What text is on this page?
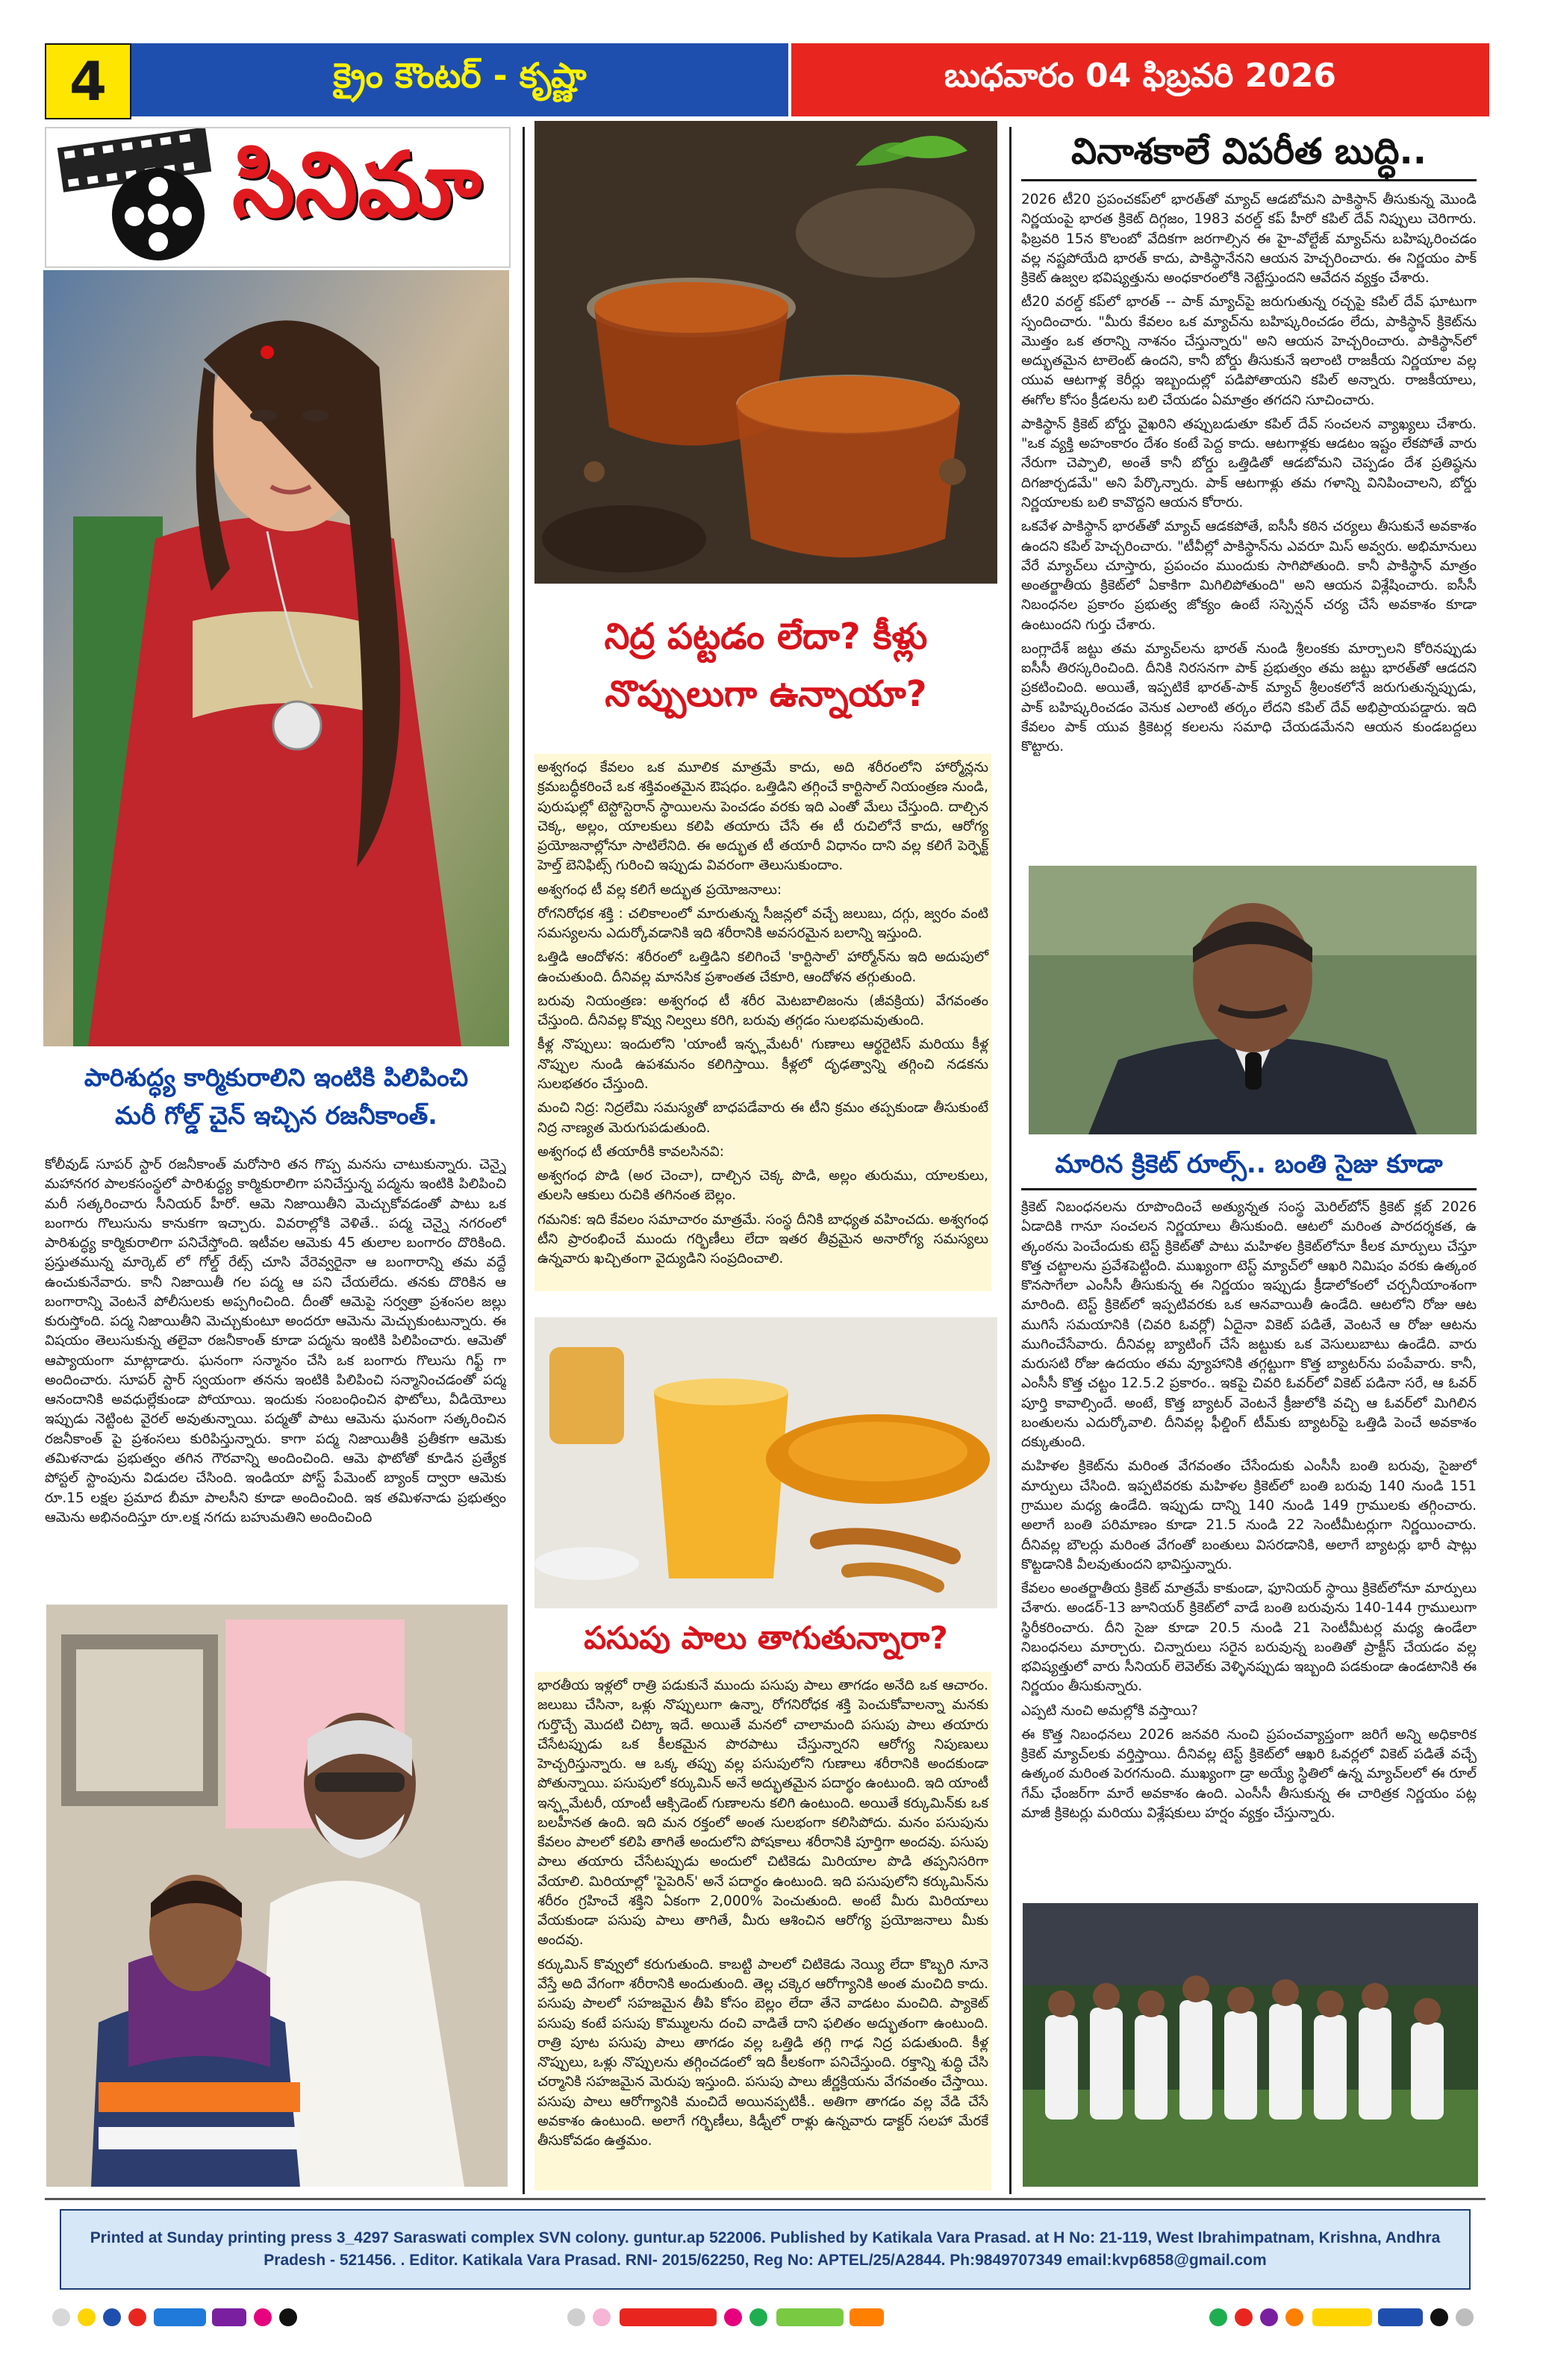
4	క్రైం కౌంటర్ - కృష్ణా	బుధవారం 04 ఫిబ్రవరి 2026
సినిమా
పారిశుద్ధ్య కార్మికురాలిని ఇంటికి పిలిపించి
మరీ గోల్డ్ చైన్ ఇచ్చిన రజనీకాంత్.

కోలీవుడ్ సూపర్ స్టార్ రజనీకాంత్ మరోసారి తన గొప్ప మనసు చాటుకున్నారు. చెన్నై మహానగర పాలకసంస్థలో పారిశుద్ధ్య కార్మికురాలిగా పనిచేస్తున్న పద్మను ఇంటికి పిలిపించి మరీ సత్కరించారు సీనియర్ హీరో. ఆమె నిజాయితీని మెచ్చుకోవడంతో పాటు ఒక బంగారు గొలుసును కానుకగా ఇచ్చారు. వివరాల్లోకి వెళితే.. పద్మ చెన్నై నగరంలో పారిశుద్ధ్య కార్మికురాలిగా పనిచేస్తోంది. ఇటీవల ఆమెకు 45 తులాల బంగారం దొరికింది. ప్రస్తుతమున్న మార్కెట్ లో గోల్డ్ రేట్స్ చూసి వేరెవ్వరైనా ఆ బంగారాన్ని తమ వద్దే ఉంచుకునేవారు. కానీ నిజాయితీ గల పద్మ ఆ పని చేయలేదు. తనకు దొరికిన ఆ బంగారాన్ని వెంటనే పోలీసులకు అప్పగించింది. దీంతో ఆమెపై సర్వత్రా ప్రశంసల జల్లు కురుస్తోంది. పద్మ నిజాయితీని మెచ్చుకుంటూ అందరూ ఆమెను మెచ్చుకుంటున్నారు. ఈ విషయం తెలుసుకున్న తలైవా రజనీకాంత్ కూడా పద్మను ఇంటికి పిలిపించారు. ఆమెతో ఆప్యాయంగా మాట్లాడారు. ఘనంగా సన్మానం చేసి ఒక బంగారు గొలుసు గిఫ్ట్ గా అందించారు. సూపర్ స్టార్ స్వయంగా తనను ఇంటికి పిలిపించి సన్మానించడంతో పద్మ ఆనందానికి అవధుల్లేకుండా పోయాయి. ఇందుకు సంబంధించిన ఫొటోలు, వీడియోలు ఇప్పుడు నెట్టింట వైరల్‌ అవుతున్నాయి. పద్మతో పాటు ఆమెను ఘనంగా సత్కరించిన రజనీకాంత్ పై ప్రశంసలు కురిపిస్తున్నారు. కాగా పద్మ నిజాయితీకి ప్రతీకగా ఆమెకు తమిళనాడు ప్రభుత్వం తగిన గౌరవాన్ని అందించింది. ఆమె ఫొటోతో కూడిన ప్రత్యేక పోస్టల్ స్టాంపును విడుదల చేసింది. ఇండియా పోస్ట్ పేమెంట్ బ్యాంక్ ద్వారా ఆమెకు రూ.15 లక్షల ప్రమాద బీమా పాలసీని కూడా అందించింది. ఇక తమిళనాడు ప్రభుత్వం ఆమెను అభినందిస్తూ రూ.లక్ష నగదు బహుమతిని అందించింది

నిద్ర పట్టడం లేదా? కీళ్లు
నొప్పులుగా ఉన్నాయా?

అశ్వగంధ కేవలం ఒక మూలిక మాత్రమే కాదు, అది శరీరంలోని హార్మోన్లను క్రమబద్ధీకరించే ఒక శక్తివంతమైన ఔషధం. ఒత్తిడిని తగ్గించే కార్టిసాల్ నియంత్రణ నుండి, పురుషుల్లో టెస్టోస్టెరాన్ స్థాయిలను పెంచడం వరకు ఇది ఎంతో మేలు చేస్తుంది. దాల్చిన చెక్క, అల్లం, యాలకులు కలిపి తయారు చేసే ఈ టీ రుచిలోనే కాదు, ఆరోగ్య ప్రయోజనాల్లోనూ సాటిలేనిది. ఈ అద్భుత టీ తయారీ విధానం దాని వల్ల కలిగే పెర్ఫెక్ట్ హెల్త్ బెనిఫిట్స్ గురించి ఇప్పుడు వివరంగా తెలుసుకుందాం.

అశ్వగంధ టీ వల్ల కలిగే అద్భుత ప్రయోజనాలు:

రోగనిరోధక శక్తి : చలికాలంలో మారుతున్న సీజన్లలో వచ్చే జలుబు, దగ్గు, జ్వరం వంటి సమస్యలను ఎదుర్కోవడానికి ఇది శరీరానికి అవసరమైన బలాన్ని ఇస్తుంది.

ఒత్తిడి ఆందోళన: శరీరంలో ఒత్తిడిని కలిగించే 'కార్టిసాల్' హార్మోన్‌ను ఇది అదుపులో ఉంచుతుంది. దీనివల్ల మానసిక ప్రశాంతత చేకూరి, ఆందోళన తగ్గుతుంది.

బరువు నియంత్రణ: అశ్వగంధ టీ శరీర మెటబాలిజంను (జీవక్రియ) వేగవంతం చేస్తుంది. దీనివల్ల కొవ్వు నిల్వలు కరిగి, బరువు తగ్గడం సులభమవుతుంది.

కీళ్ల నొప్పులు: ఇందులోని 'యాంటీ ఇన్ఫ్లమేటరీ' గుణాలు ఆర్థరైటిస్ మరియు కీళ్ల నొప్పుల నుండి ఉపశమనం కలిగిస్తాయి. కీళ్లలో దృఢత్వాన్ని తగ్గించి నడకను సులభతరం చేస్తుంది.

మంచి నిద్ర: నిద్రలేమి సమస్యతో బాధపడేవారు ఈ టీని క్రమం తప్పకుండా తీసుకుంటే నిద్ర నాణ్యత మెరుగుపడుతుంది.

అశ్వగంధ టీ తయారీకి కావలసినవి:

అశ్వగంధ పొడి (అర చెంచా), దాల్చిన చెక్క పొడి, అల్లం తురుము, యాలకులు, తులసి ఆకులు రుచికి తగినంత బెల్లం.

గమనిక: ఇది కేవలం సమాచారం మాత్రమే. సంస్థ దీనికి బాధ్యత వహించదు. అశ్వగంధ టీని ప్రారంభించే ముందు గర్భిణీలు లేదా ఇతర తీవ్రమైన అనారోగ్య సమస్యలు ఉన్నవారు ఖచ్చితంగా వైద్యుడిని సంప్రదించాలి.

పసుపు పాలు తాగుతున్నారా?

భారతీయ ఇళ్లలో రాత్రి పడుకునే ముందు పసుపు పాలు తాగడం అనేది ఒక ఆచారం. జలుబు చేసినా, ఒళ్లు నొప్పులుగా ఉన్నా, రోగనిరోధక శక్తి పెంచుకోవాలన్నా మనకు గుర్తొచ్చే మొదటి చిట్కా ఇదే. అయితే మనలో చాలామంది పసుపు పాలు తయారు చేసేటప్పుడు ఒక కీలకమైన పొరపాటు చేస్తున్నారని ఆరోగ్య నిపుణులు హెచ్చరిస్తున్నారు. ఆ ఒక్క తప్పు వల్ల పసుపులోని గుణాలు శరీరానికి అందకుండా పోతున్నాయి. పసుపులో కర్కుమిన్ అనే అద్భుతమైన పదార్థం ఉంటుంది. ఇది యాంటీ ఇన్ఫ్లమేటరీ, యాంటీ ఆక్సిడెంట్ గుణాలను కలిగి ఉంటుంది. అయితే కర్కుమిన్‌కు ఒక బలహీనత ఉంది. ఇది మన రక్తంలో అంత సులభంగా కలిసిపోదు. మనం పసుపును కేవలం పాలలో కలిపి తాగితే అందులోని పోషకాలు శరీరానికి పూర్తిగా అందవు. పసుపు పాలు తయారు చేసేటప్పుడు అందులో చిటికెడు మిరియాల పొడి తప్పనిసరిగా వేయాలి. మిరియాల్లో 'పైపెరిన్' అనే పదార్థం ఉంటుంది. ఇది పసుపులోని కర్కుమిన్‌ను శరీరం గ్రహించే శక్తిని ఏకంగా 2,000% పెంచుతుంది. అంటే మీరు మిరియాలు వేయకుండా పసుపు పాలు తాగితే, మీరు ఆశించిన ఆరోగ్య ప్రయోజనాలు మీకు అందవు.

కర్కుమిన్ కొవ్వులో కరుగుతుంది. కాబట్టి పాలలో చిటికెడు నెయ్యి లేదా కొబ్బరి నూనె వేస్తే అది వేగంగా శరీరానికి అందుతుంది. తెల్ల చక్కెర ఆరోగ్యానికి అంత మంచిది కాదు. పసుపు పాలలో సహజమైన తీపి కోసం బెల్లం లేదా తేనె వాడటం మంచిది. ప్యాకెట్ పసుపు కంటే పసుపు కొమ్ములను దంచి వాడితే దాని ఫలితం అద్భుతంగా ఉంటుంది. రాత్రి పూట పసుపు పాలు తాగడం వల్ల ఒత్తిడి తగ్గి గాఢ నిద్ర పడుతుంది. కీళ్ల నొప్పులు, ఒళ్లు నొప్పులను తగ్గించడంలో ఇది కీలకంగా పనిచేస్తుంది. రక్తాన్ని శుద్ధి చేసి చర్మానికి సహజమైన మెరుపు ఇస్తుంది. పసుపు పాలు జీర్ణక్రియను వేగవంతం చేస్తాయి. పసుపు పాలు ఆరోగ్యానికి మంచిదే అయినప్పటికీ.. అతిగా తాగడం వల్ల వేడి చేసే అవకాశం ఉంటుంది. అలాగే గర్భిణీలు, కిడ్నీలో రాళ్లు ఉన్నవారు డాక్టర్ సలహా మేరకే తీసుకోవడం ఉత్తమం.

వినాశకాలే విపరీత బుద్ధి..

2026 టీ20 ప్రపంచకప్‌లో భారత్‌తో మ్యాచ్ ఆడబోమని పాకిస్థాన్ తీసుకున్న మొండి నిర్ణయంపై భారత క్రికెట్ దిగ్గజం, 1983 వరల్డ్ కప్ హీరో కపిల్ దేవ్ నిప్పులు చెరిగారు. ఫిబ్రవరి 15న కొలంబో వేదికగా జరగాల్సిన ఈ హై-వోల్టేజ్ మ్యాచ్‌ను బహిష్కరించడం వల్ల నష్టపోయేది భారత్ కాదు, పాకిస్థానేనని ఆయన హెచ్చరించారు. ఈ నిర్ణయం పాక్ క్రికెట్ ఉజ్వల భవిష్యత్తును అంధకారంలోకి నెట్టేస్తుందని ఆవేదన వ్యక్తం చేశారు.

టీ20 వరల్డ్ కప్‌లో భారత్ -- పాక్ మ్యాచ్‌పై జరుగుతున్న రచ్చపై కపిల్ దేవ్ ఘాటుగా స్పందించారు. "మీరు కేవలం ఒక మ్యాచ్‌ను బహిష్కరించడం లేదు, పాకిస్థాన్ క్రికెట్‌ను మొత్తం ఒక తరాన్ని నాశనం చేస్తున్నారు" అని ఆయన హెచ్చరించారు. పాకిస్థాన్‌లో అద్భుతమైన టాలెంట్ ఉందని, కానీ బోర్డు తీసుకునే ఇలాంటి రాజకీయ నిర్ణయాల వల్ల యువ ఆటగాళ్ల కెరీర్లు ఇబ్బందుల్లో పడిపోతాయని కపిల్ అన్నారు. రాజకీయాలు, ఈగోల కోసం క్రీడలను బలి చేయడం ఏమాత్రం తగదని సూచించారు.

పాకిస్థాన్ క్రికెట్ బోర్డు వైఖరిని తప్పుబడుతూ కపిల్ దేవ్ సంచలన వ్యాఖ్యలు చేశారు. "ఒక వ్యక్తి అహంకారం దేశం కంటే పెద్ద కాదు. ఆటగాళ్లకు ఆడటం ఇష్టం లేకపోతే వారు నేరుగా చెప్పాలి, అంతే కానీ బోర్డు ఒత్తిడితో ఆడబోమని చెప్పడం దేశ ప్రతిష్ఠను దిగజార్చడమే" అని పేర్కొన్నారు. పాక్ ఆటగాళ్లు తమ గళాన్ని వినిపించాలని, బోర్డు నిర్ణయాలకు బలి కావొద్దని ఆయన కోరారు.

ఒకవేళ పాకిస్థాన్ భారత్‌తో మ్యాచ్ ఆడకపోతే, ఐసీసీ కఠిన చర్యలు తీసుకునే అవకాశం ఉందని కపిల్ హెచ్చరించారు. "టీవీల్లో పాకిస్థాన్‌ను ఎవరూ మిస్ అవ్వరు. అభిమానులు వేరే మ్యాచ్‌లు చూస్తారు, ప్రపంచం ముందుకు సాగిపోతుంది. కానీ పాకిస్థాన్ మాత్రం అంతర్జాతీయ క్రికెట్‌లో ఏకాకిగా మిగిలిపోతుంది" అని ఆయన విశ్లేషించారు. ఐసీసీ నిబంధనల ప్రకారం ప్రభుత్వ జోక్యం ఉంటే సస్పెన్షన్ చర్య చేసే అవకాశం కూడా ఉంటుందని గుర్తు చేశారు.

బంగ్లాదేశ్ జట్టు తమ మ్యాచ్‌లను భారత్ నుండి శ్రీలంకకు మార్చాలని కోరినప్పుడు ఐసీసీ తిరస్కరించింది. దీనికి నిరసనగా పాక్ ప్రభుత్వం తమ జట్టు భారత్‌తో ఆడదని ప్రకటించింది. అయితే, ఇప్పటికే భారత్-పాక్ మ్యాచ్ శ్రీలంకలోనే జరుగుతున్నప్పుడు, పాక్ బహిష్కరించడం వెనుక ఎలాంటి తర్కం లేదని కపిల్ దేవ్ అభిప్రాయపడ్డారు. ఇది కేవలం పాక్ యువ క్రికెటర్ల కలలను సమాధి చేయడమేనని ఆయన కుండబద్దలు కొట్టారు.

మారిన క్రికెట్ రూల్స్.. బంతి సైజు కూడా

క్రికెట్ నిబంధనలను రూపొందించే అత్యున్నత సంస్థ మెరిల్‌బోన్ క్రికెట్ క్లబ్ 2026 ఏడాదికి గానూ సంచలన నిర్ణయాలు తీసుకుంది. ఆటలో మరింత పారదర్శకత, ఉ త్కంఠను పెంచేందుకు టెస్ట్ క్రికెట్‌తో పాటు మహిళల క్రికెట్‌లోనూ కీలక మార్పులు చేస్తూ కొత్త చట్టాలను ప్రవేశపెట్టింది. ముఖ్యంగా టెస్ట్ మ్యాచ్‌లో ఆఖరి నిమిషం వరకు ఉత్కంఠ కొనసాగేలా ఎంసీసీ తీసుకున్న ఈ నిర్ణయం ఇప్పుడు క్రీడాలోకంలో చర్చనీయాంశంగా మారింది. టెస్ట్ క్రికెట్‌లో ఇప్పటివరకు ఒక ఆనవాయితీ ఉండేది. ఆటలోని రోజు ఆట ముగిసే సమయానికి (చివరి ఓవర్లో) ఏదైనా వికెట్ పడితే, వెంటనే ఆ రోజు ఆటను ముగించేసేవారు. దీనివల్ల బ్యాటింగ్ చేసే జట్టుకు ఒక వెసులుబాటు ఉండేది. వారు మరుసటి రోజు ఉదయం తమ వ్యూహానికి తగ్గట్టుగా కొత్త బ్యాటర్‌ను పంపేవారు. కానీ, ఎంసీసీ కొత్త చట్టం 12.5.2 ప్రకారం.. ఇకపై చివరి ఓవర్‌లో వికెట్ పడినా సరే, ఆ ఓవర్ పూర్తి కావాల్సిందే. అంటే, కొత్త బ్యాటర్ వెంటనే క్రీజులోకి వచ్చి ఆ ఓవర్‌లో మిగిలిన బంతులను ఎదుర్కోవాలి. దీనివల్ల ఫీల్డింగ్ టీమ్‌కు బ్యాటర్‌పై ఒత్తిడి పెంచే అవకాశం దక్కుతుంది.

మహిళల క్రికెట్‌ను మరింత వేగవంతం చేసేందుకు ఎంసీసీ బంతి బరువు, సైజులో మార్పులు చేసింది. ఇప్పటివరకు మహిళల క్రికెట్‌లో బంతి బరువు 140 నుండి 151 గ్రాముల మధ్య ఉండేది. ఇప్పుడు దాన్ని 140 నుండి 149 గ్రాములకు తగ్గించారు. అలాగే బంతి పరిమాణం కూడా 21.5 నుండి 22 సెంటీమీటర్లుగా నిర్ణయించారు. దీనివల్ల బౌలర్లు మరింత వేగంతో బంతులు విసరడానికి, అలాగే బ్యాటర్లు భారీ షాట్లు కొట్టడానికి వీలవుతుందని భావిస్తున్నారు.

కేవలం అంతర్జాతీయ క్రికెట్ మాత్రమే కాకుండా, ఫూనియర్ స్థాయి క్రికెట్‌లోనూ మార్పులు చేశారు. అండర్-13 జూనియర్ క్రికెట్‌లో వాడే బంతి బరువును 140-144 గ్రాములుగా స్థిరీకరించారు. దీని సైజు కూడా 20.5 నుండి 21 సెంటీమీటర్ల మధ్య ఉండేలా నిబంధనలు మార్చారు. చిన్నారులు సరైన బరువున్న బంతితో ప్రాక్టీస్ చేయడం వల్ల భవిష్యత్తులో వారు సీనియర్ లెవెల్‌కు వెళ్ళినప్పుడు ఇబ్బంది పడకుండా ఉండటానికి ఈ నిర్ణయం తీసుకున్నారు.

ఎప్పటి నుంచి అమల్లోకి వస్తాయి?

ఈ కొత్త నిబంధనలు 2026 జనవరి నుంచి ప్రపంచవ్యాప్తంగా జరిగే అన్ని అధికారిక క్రికెట్ మ్యాచ్‌లకు వర్తిస్తాయి. దీనివల్ల టెస్ట్ క్రికెట్‌లో ఆఖరి ఓవర్లలో వికెట్ పడితే వచ్చే ఉత్కంఠ మరింత పెరగనుంది. ముఖ్యంగా డ్రా అయ్యే స్థితిలో ఉన్న మ్యాచ్‌లలో ఈ రూల్ గేమ్ ఛేంజర్‌గా మారే అవకాశం ఉంది. ఎంసీసీ తీసుకున్న ఈ చారిత్రక నిర్ణయం పట్ల మాజీ క్రికెటర్లు మరియు విశ్లేషకులు హర్షం వ్యక్తం చేస్తున్నారు.

Printed at Sunday printing press 3_4297 Saraswati complex SVN colony. guntur.ap 522006. Published by Katikala Vara Prasad. at H No: 21-119, West Ibrahimpatnam, Krishna, Andhra
Pradesh - 521456. . Editor. Katikala Vara Prasad. RNI- 2015/62250, Reg No: APTEL/25/A2844. Ph:9849707349 email:kvp6858@gmail.com
